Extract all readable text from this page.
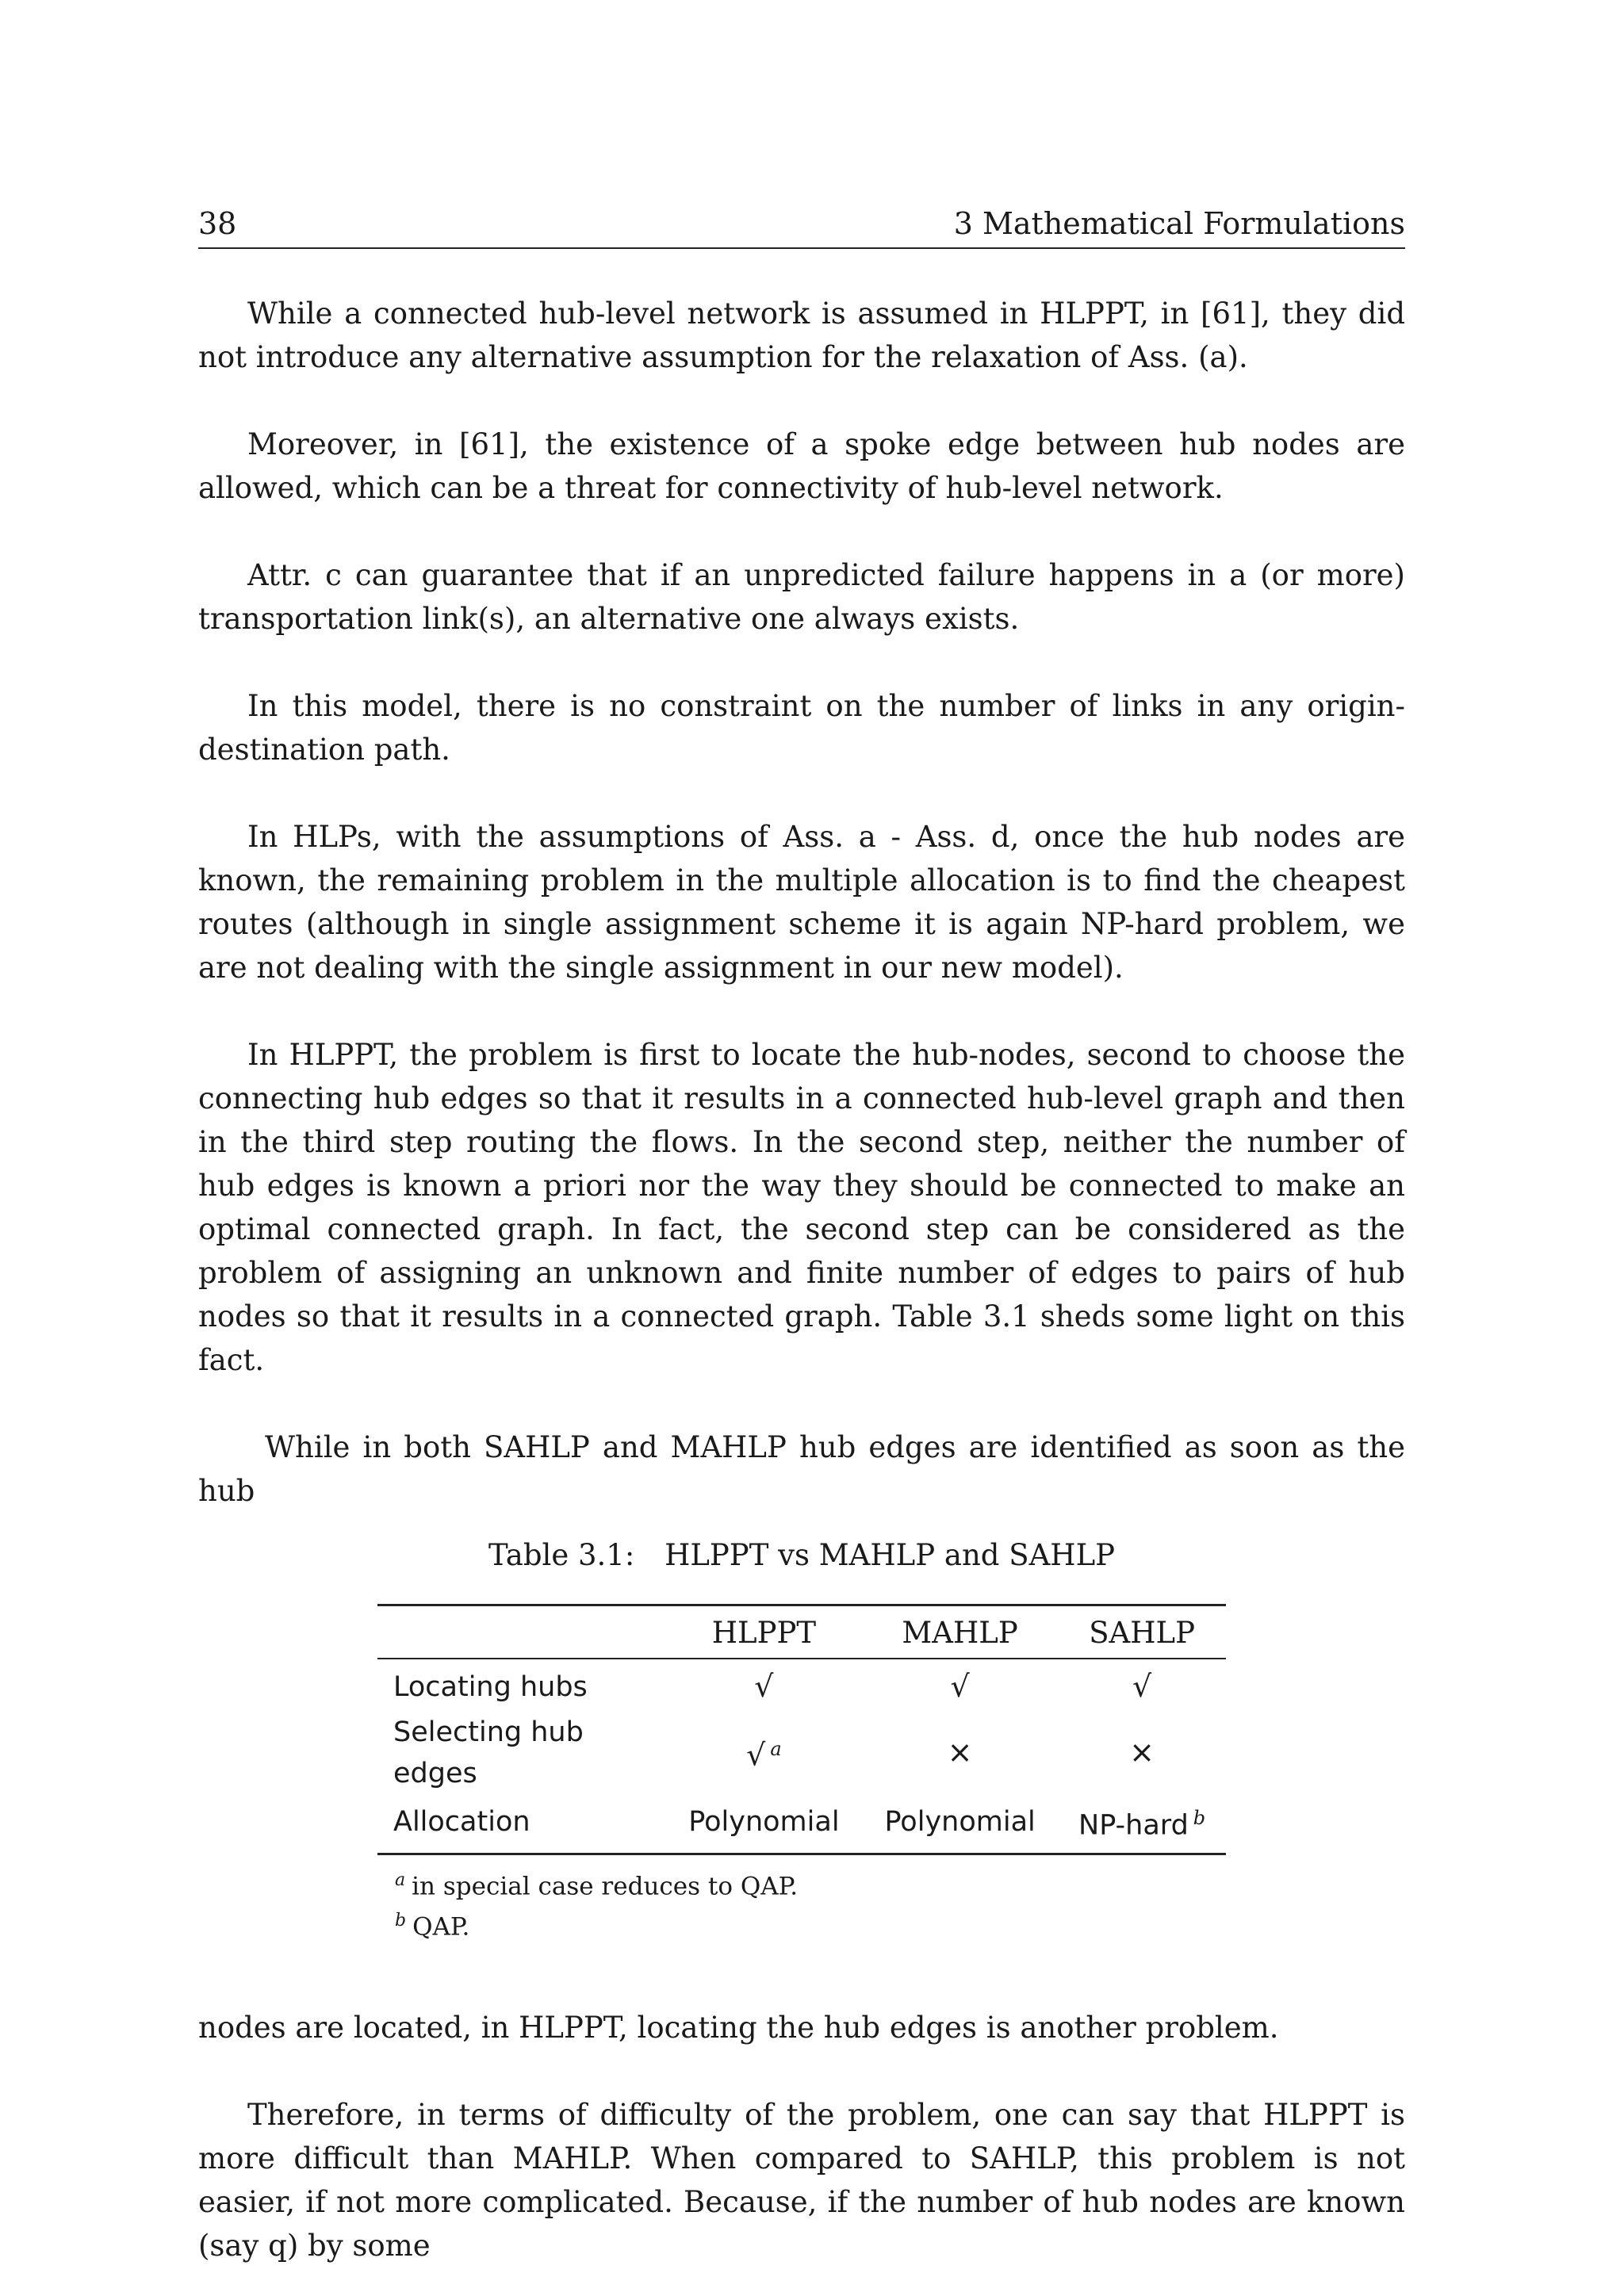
38	3 Mathematical Formulations

While a connected hub-level network is assumed in HLPPT, in [61], they did not introduce any alternative assumption for the relaxation of Ass. (a).

Moreover, in [61], the existence of a spoke edge between hub nodes are allowed, which can be a threat for connectivity of hub-level network.

Attr. c can guarantee that if an unpredicted failure happens in a (or more) transportation link(s), an alternative one always exists.

In this model, there is no constraint on the number of links in any origin-destination path.

In HLPs, with the assumptions of Ass. a - Ass. d, once the hub nodes are known, the remaining problem in the multiple allocation is to find the cheapest routes (although in single assignment scheme it is again NP-hard problem, we are not dealing with the single assignment in our new model).

In HLPPT, the problem is first to locate the hub-nodes, second to choose the connecting hub edges so that it results in a connected hub-level graph and then in the third step routing the flows. In the second step, neither the number of hub edges is known a priori nor the way they should be connected to make an optimal connected graph. In fact, the second step can be considered as the problem of assigning an unknown and finite number of edges to pairs of hub nodes so that it results in a connected graph. Table 3.1 sheds some light on this fact.

While in both SAHLP and MAHLP hub edges are identified as soon as the hub

Table 3.1: HLPPT vs MAHLP and SAHLP
	HLPPT	MAHLP	SAHLP
Locating hubs	√	√	√
Selecting hub edges	√ $^a$	×	×
Allocation	Polynomial	Polynomial	NP-hard $^b$
$^a$ in special case reduces to QAP.
$^b$ QAP.

nodes are located, in HLPPT, locating the hub edges is another problem.

Therefore, in terms of difficulty of the problem, one can say that HLPPT is more difficult than MAHLP. When compared to SAHLP, this problem is not easier, if not more complicated. Because, if the number of hub nodes are known (say q) by some
